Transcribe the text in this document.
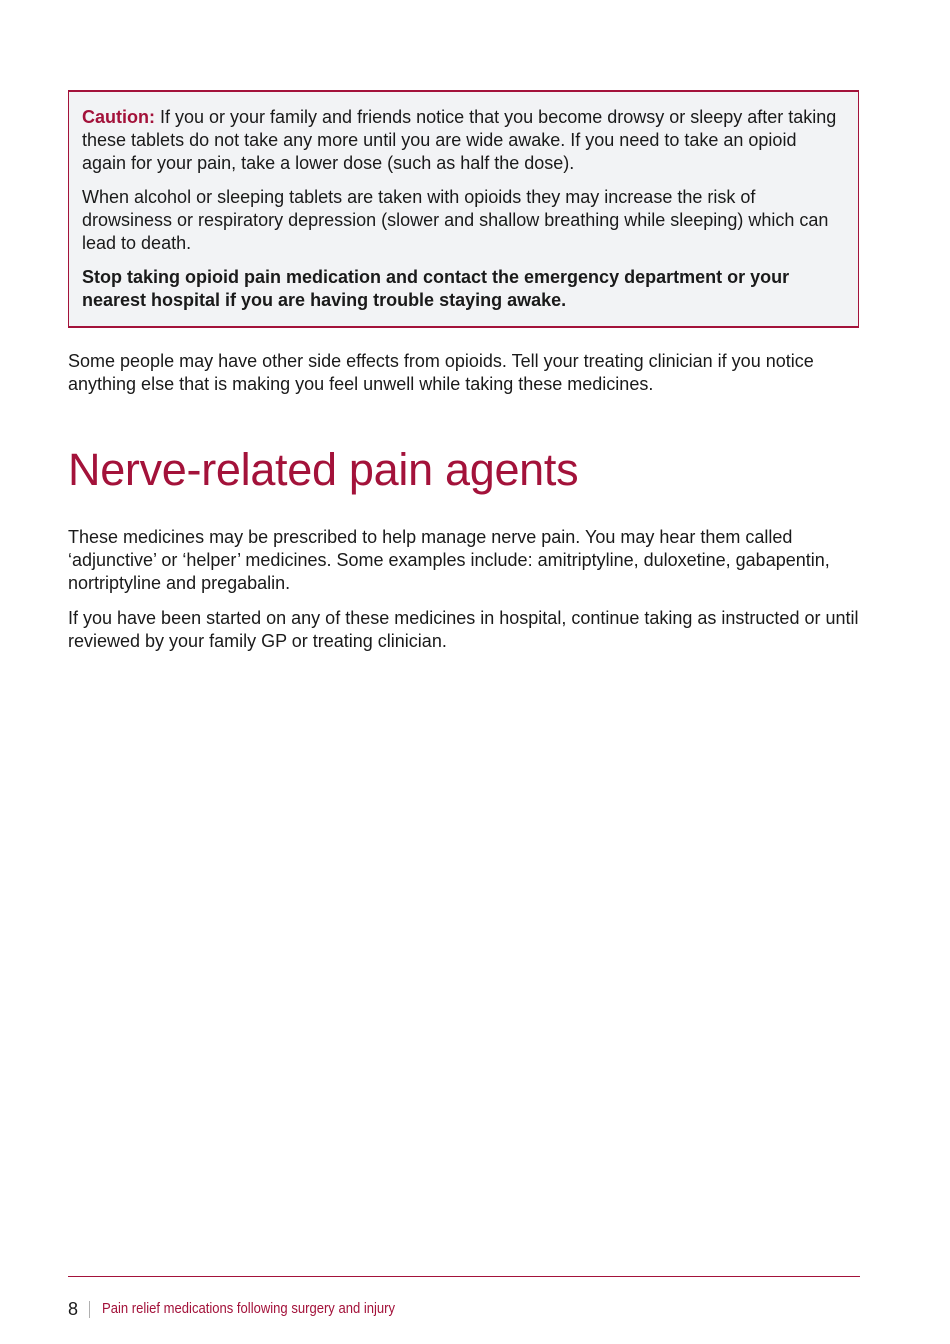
Caution: If you or your family and friends notice that you become drowsy or sleepy after taking these tablets do not take any more until you are wide awake. If you need to take an opioid again for your pain, take a lower dose (such as half the dose).

When alcohol or sleeping tablets are taken with opioids they may increase the risk of drowsiness or respiratory depression (slower and shallow breathing while sleeping) which can lead to death.

Stop taking opioid pain medication and contact the emergency department or your nearest hospital if you are having trouble staying awake.

Some people may have other side effects from opioids. Tell your treating clinician if you notice anything else that is making you feel unwell while taking these medicines.

Nerve-related pain agents

These medicines may be prescribed to help manage nerve pain. You may hear them called ‘adjunctive’ or ‘helper’ medicines. Some examples include: amitriptyline, duloxetine, gabapentin, nortriptyline and pregabalin.

If you have been started on any of these medicines in hospital, continue taking as instructed or until reviewed by your family GP or treating clinician.

8 Pain relief medications following surgery and injury
